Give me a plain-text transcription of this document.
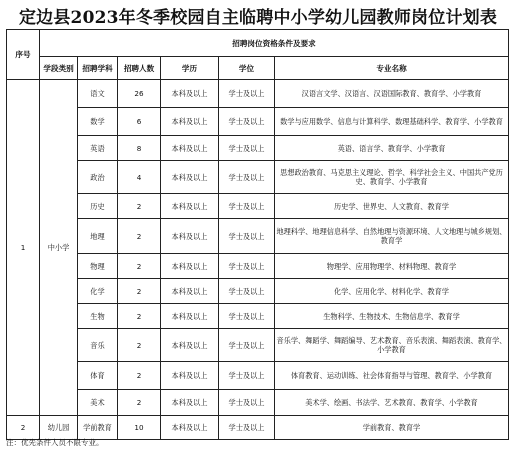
定边县2023年冬季校园自主临聘中小学幼儿园教师岗位计划表
序号	招聘岗位资格条件及要求					
	学段类别	招聘学科	招聘人数	学历	学位	专业名称
1	中小学	语文	26	本科及以上	学士及以上	汉语言文学、汉语言、汉语国际教育、教育学、小学教育
		数学	6	本科及以上	学士及以上	数学与应用数学、信息与计算科学、数理基础科学、教育学、小学教育
		英语	8	本科及以上	学士及以上	英语、语言学、教育学、小学教育
		政治	4	本科及以上	学士及以上	思想政治教育、马克思主义理论、哲学、科学社会主义、中国共产党历史、教育学、小学教育
		历史	2	本科及以上	学士及以上	历史学、世界史、人文教育、教育学
		地理	2	本科及以上	学士及以上	地理科学、地理信息科学、自然地理与资源环境、人文地理与城乡规划、教育学
		物理	2	本科及以上	学士及以上	物理学、应用物理学、材料物理、教育学
		化学	2	本科及以上	学士及以上	化学、应用化学、材料化学、教育学
		生物	2	本科及以上	学士及以上	生物科学、生物技术、生物信息学、教育学
		音乐	2	本科及以上	学士及以上	音乐学、舞蹈学、舞蹈编导、艺术教育、音乐表演、舞蹈表演、教育学、小学教育
		体育	2	本科及以上	学士及以上	体育教育、运动训练、社会体育指导与管理、教育学、小学教育
		美术	2	本科及以上	学士及以上	美术学、绘画、书法学、艺术教育、教育学、小学教育
2	幼儿园	学前教育	10	本科及以上	学士及以上	学前教育、教育学
注：优先条件人员不限专业。
